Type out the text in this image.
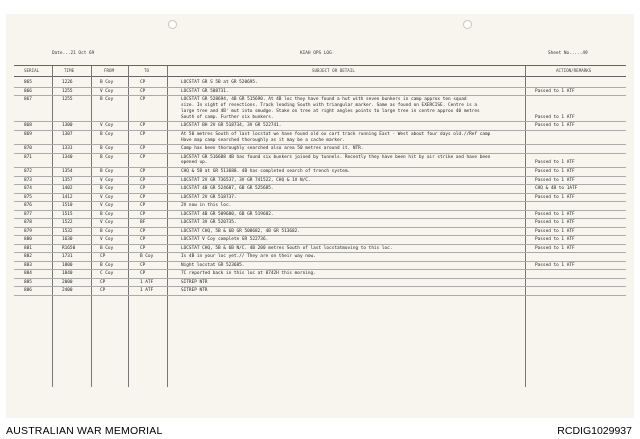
Date...21 Oct 69	KIAH OPS LOG	Sheet No.....49
SERIAL	TIME	FROM	TO	SUBJECT OR DETAIL	ACTION/REMARKS
865	1226	B Coy	CP	LOCSTAT GR S 5B at GR 520695.
866	1255	V Coy	CP	LOCSTAT GR 508731.	Passed to 1 ATF
867	1255	B Coy	CP	LOCSTAT GR 528694, 4B GR 515690. At 4B loc they have found a hut with seven bunkers in camp approx ten squad
size. In sight of resections. Track leading South with triangular marker. Same as found on EXERCISE. Centre is a
large tree and 4B' mut into smudge. Stake on tree at right angles points to large tree in centre approx 40 metres
South of camp. Further six bunkers.	Passed to 1 ATF
868	1300	V Coy	CP	LOCSTAT BH 2V GR 518734, 3V GR 522741.	Passed to 1 ATF
869	1307	B Coy	CP	At 50 metres South of last locstat we have found old ox cart track running East - West about four days old.//Ref camp
Have map camp searched thoroughly as it may be a cache marker.
870	1331	B Coy	CP	Camp has been thoroughly searched also area 50 metres around it. NTR.
871	1340	B Coy	CP	LOCSTAT GR 516688 4B has found six bunkers joined by tunnels. Recently they have been hit by air strike and have been
opened up.	Passed to 1 ATF
872	1354	B Coy	CP	CHQ & 5B at GR 513688. 4B has completed search of trench system.	Passed to 1 ATF
873	1357	V Coy	CP	LOCSTAT 2V GR 736537, 3V GR 741522, CHQ & 1V N/C.	Passed to 1 ATF
874	1402	B Coy	CP	LOCSTAT 4B GR 524687, 6B GR 525685.	CHQ & 4B to 1ATF
875	1412	V Coy	CP	LOCSTAT 2V GR 518737.	Passed to 1 ATF
876	1510	V Coy	CP	2V now in this loc.
877	1515	B Coy	CP	LOCSTAT 4B GR 509680, 6B GR 519682.	Passed to 1 ATF
878	1522	V Coy	BF	LOCSTAT 3V GR 520735.	Passed to 1 ATF
879	1532	B Coy	CP	LOCSTAT CHQ, 5B & 6B GR 508682, 4B GR 513682.	Passed to 1 ATF
880	1630	V Coy	CP	LOCSTAT V Coy complete GR 522736.	Passed to 1 ATF
881	R1650	B Coy	CP	LOCSTAT CHQ, 5B & 6B N/C. 4B 200 metres South of last locstatmoving to this loc.	Passed to 1 ATF
882	1731	CP	B Coy	Is 4B in your loc yet.// They are on their way now.
883	1800	B Coy	CP	Night locstat GR 523685.	Passed to 1 ATF
884	1840	C Coy	CP	7C reported back in this loc at 0742H this morning.
885	2000	CP	1 ATF	SITREP NTR
886	2400	CP	1 ATF	SITREP NTR
AUSTRALIAN WAR MEMORIAL	RCDIG1029937
